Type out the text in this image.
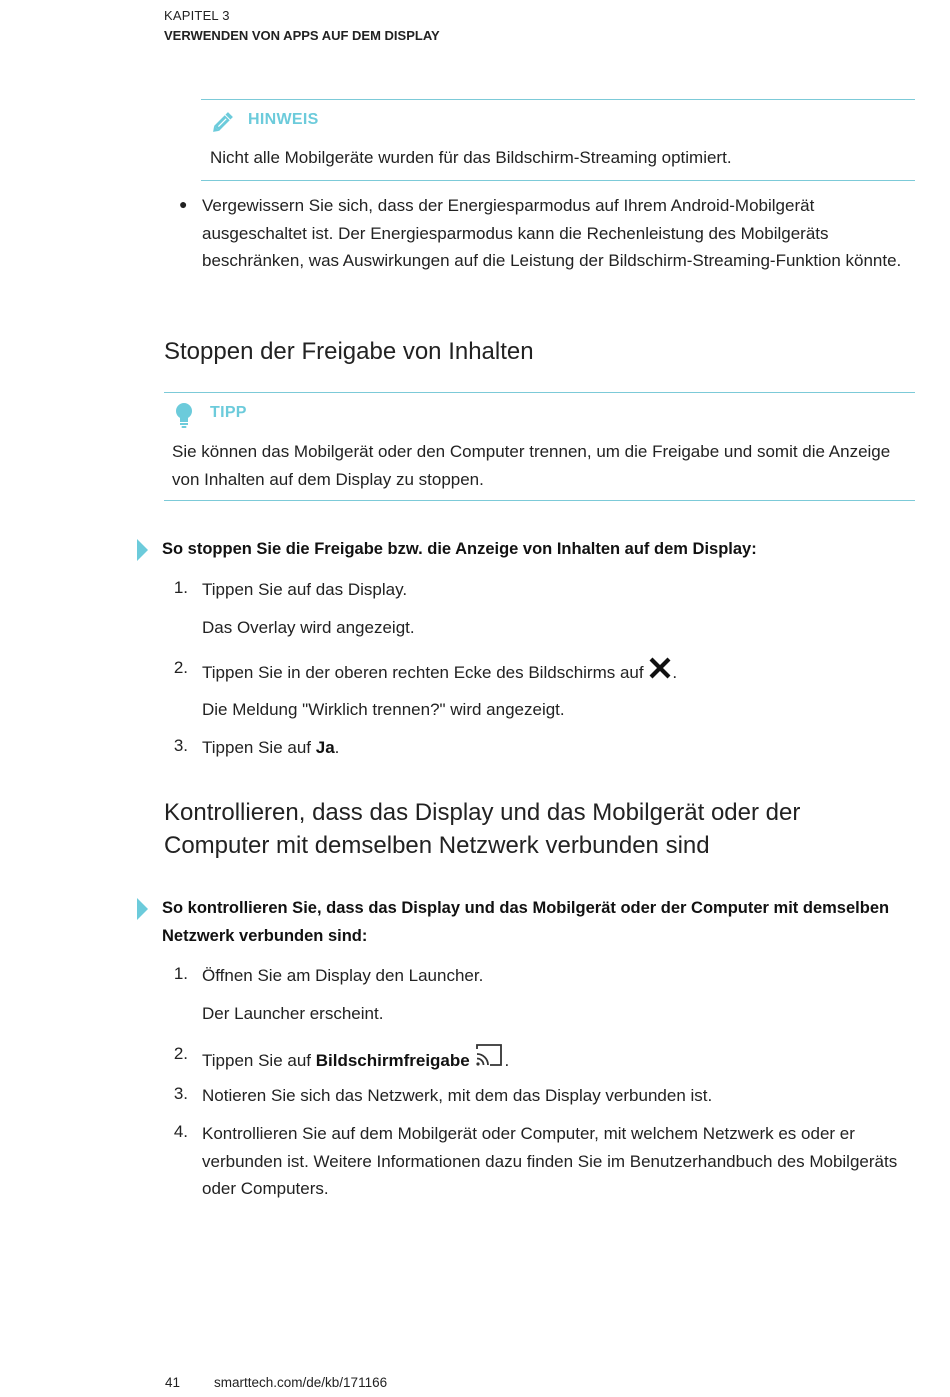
KAPITEL 3
VERWENDEN VON APPS AUF DEM DISPLAY
HINWEIS
Nicht alle Mobilgeräte wurden für das Bildschirm-Streaming optimiert.
● Vergewissern Sie sich, dass der Energiesparmodus auf Ihrem Android-Mobilgerät ausgeschaltet ist. Der Energiesparmodus kann die Rechenleistung des Mobilgeräts beschränken, was Auswirkungen auf die Leistung der Bildschirm-Streaming-Funktion könnte.
Stoppen der Freigabe von Inhalten
TIPP
Sie können das Mobilgerät oder den Computer trennen, um die Freigabe und somit die Anzeige von Inhalten auf dem Display zu stoppen.
So stoppen Sie die Freigabe bzw. die Anzeige von Inhalten auf dem Display:
1. Tippen Sie auf das Display.
Das Overlay wird angezeigt.
2. Tippen Sie in der oberen rechten Ecke des Bildschirms auf .
Die Meldung "Wirklich trennen?" wird angezeigt.
3. Tippen Sie auf Ja.
Kontrollieren, dass das Display und das Mobilgerät oder der Computer mit demselben Netzwerk verbunden sind
So kontrollieren Sie, dass das Display und das Mobilgerät oder der Computer mit demselben Netzwerk verbunden sind:
1. Öffnen Sie am Display den Launcher.
Der Launcher erscheint.
2. Tippen Sie auf Bildschirmfreigabe .
3. Notieren Sie sich das Netzwerk, mit dem das Display verbunden ist.
4. Kontrollieren Sie auf dem Mobilgerät oder Computer, mit welchem Netzwerk es oder er verbunden ist. Weitere Informationen dazu finden Sie im Benutzerhandbuch des Mobilgeräts oder Computers.
41	smarttech.com/de/kb/171166
